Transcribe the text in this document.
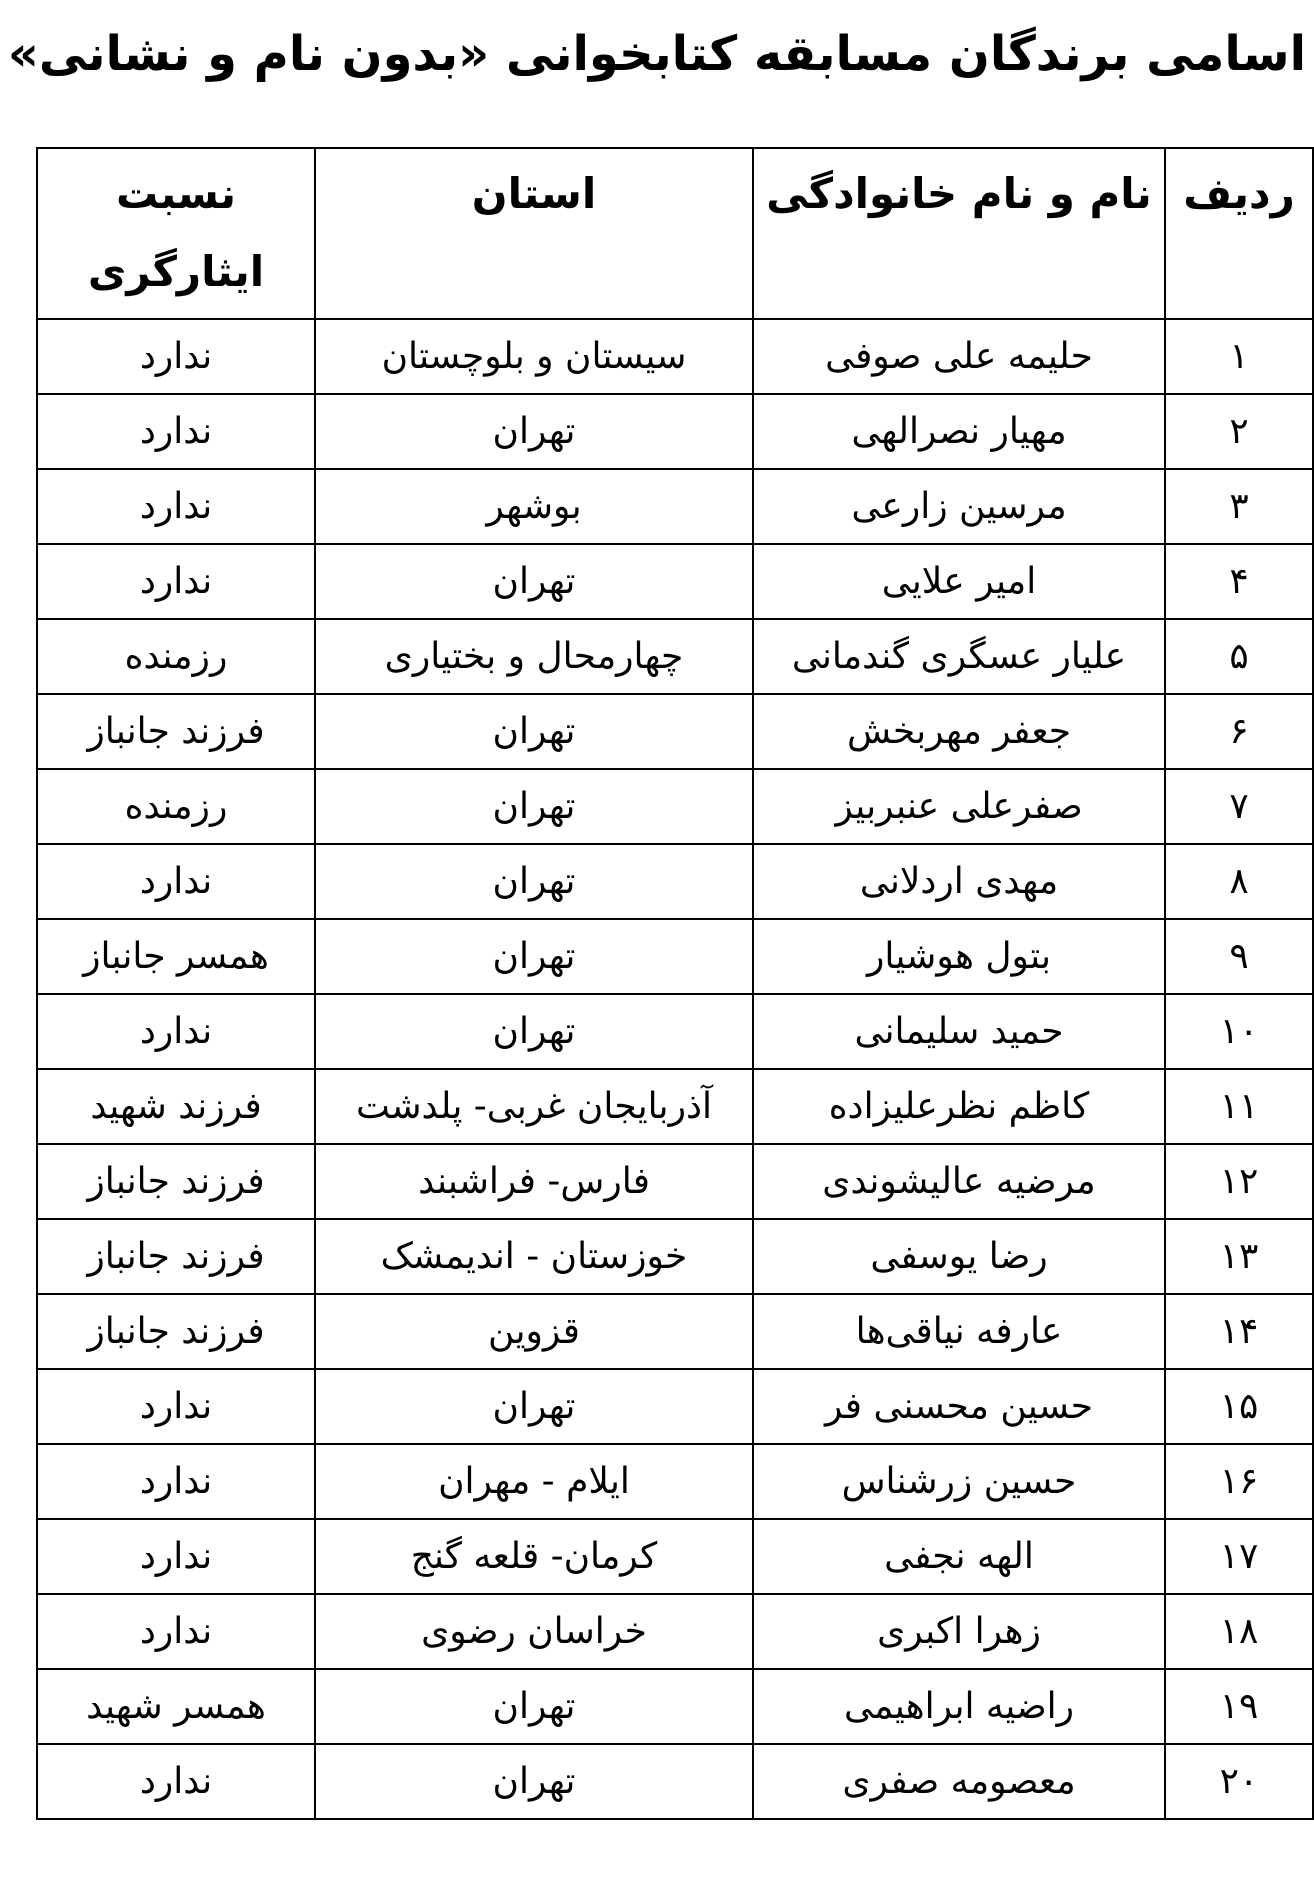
اسامی برندگان مسابقه کتابخوانی «بدون نام و نشانی»
ردیف	نام و نام خانوادگی	استان	نسبت
ایثارگری

۱	حلیمه علی صوفی	سیستان و بلوچستان	ندارد
۲	مهیار نصرالهی	تهران	ندارد
۳	مرسین زارعی	بوشهر	ندارد
۴	امیر علایی	تهران	ندارد
۵	علیار عسگری گندمانی	چهارمحال و بختیاری	رزمنده
۶	جعفر مهربخش	تهران	فرزند جانباز
۷	صفرعلی عنبربیز	تهران	رزمنده
۸	مهدی اردلانی	تهران	ندارد
۹	بتول هوشیار	تهران	همسر جانباز
۱۰	حمید سلیمانی	تهران	ندارد
۱۱	کاظم نظرعلیزاده	آذربایجان غربی- پلدشت	فرزند شهید
۱۲	مرضیه عالیشوندی	فارس- فراشبند	فرزند جانباز
۱۳	رضا یوسفی	خوزستان - اندیمشک	فرزند جانباز
۱۴	عارفه نیاقی‌ها	قزوین	فرزند جانباز
۱۵	حسین محسنی فر	تهران	ندارد
۱۶	حسین زرشناس	ایلام - مهران	ندارد
۱۷	الهه نجفی	کرمان- قلعه گنج	ندارد
۱۸	زهرا اکبری	خراسان رضوی	ندارد
۱۹	راضیه ابراهیمی	تهران	همسر شهید
۲۰	معصومه صفری	تهران	ندارد
